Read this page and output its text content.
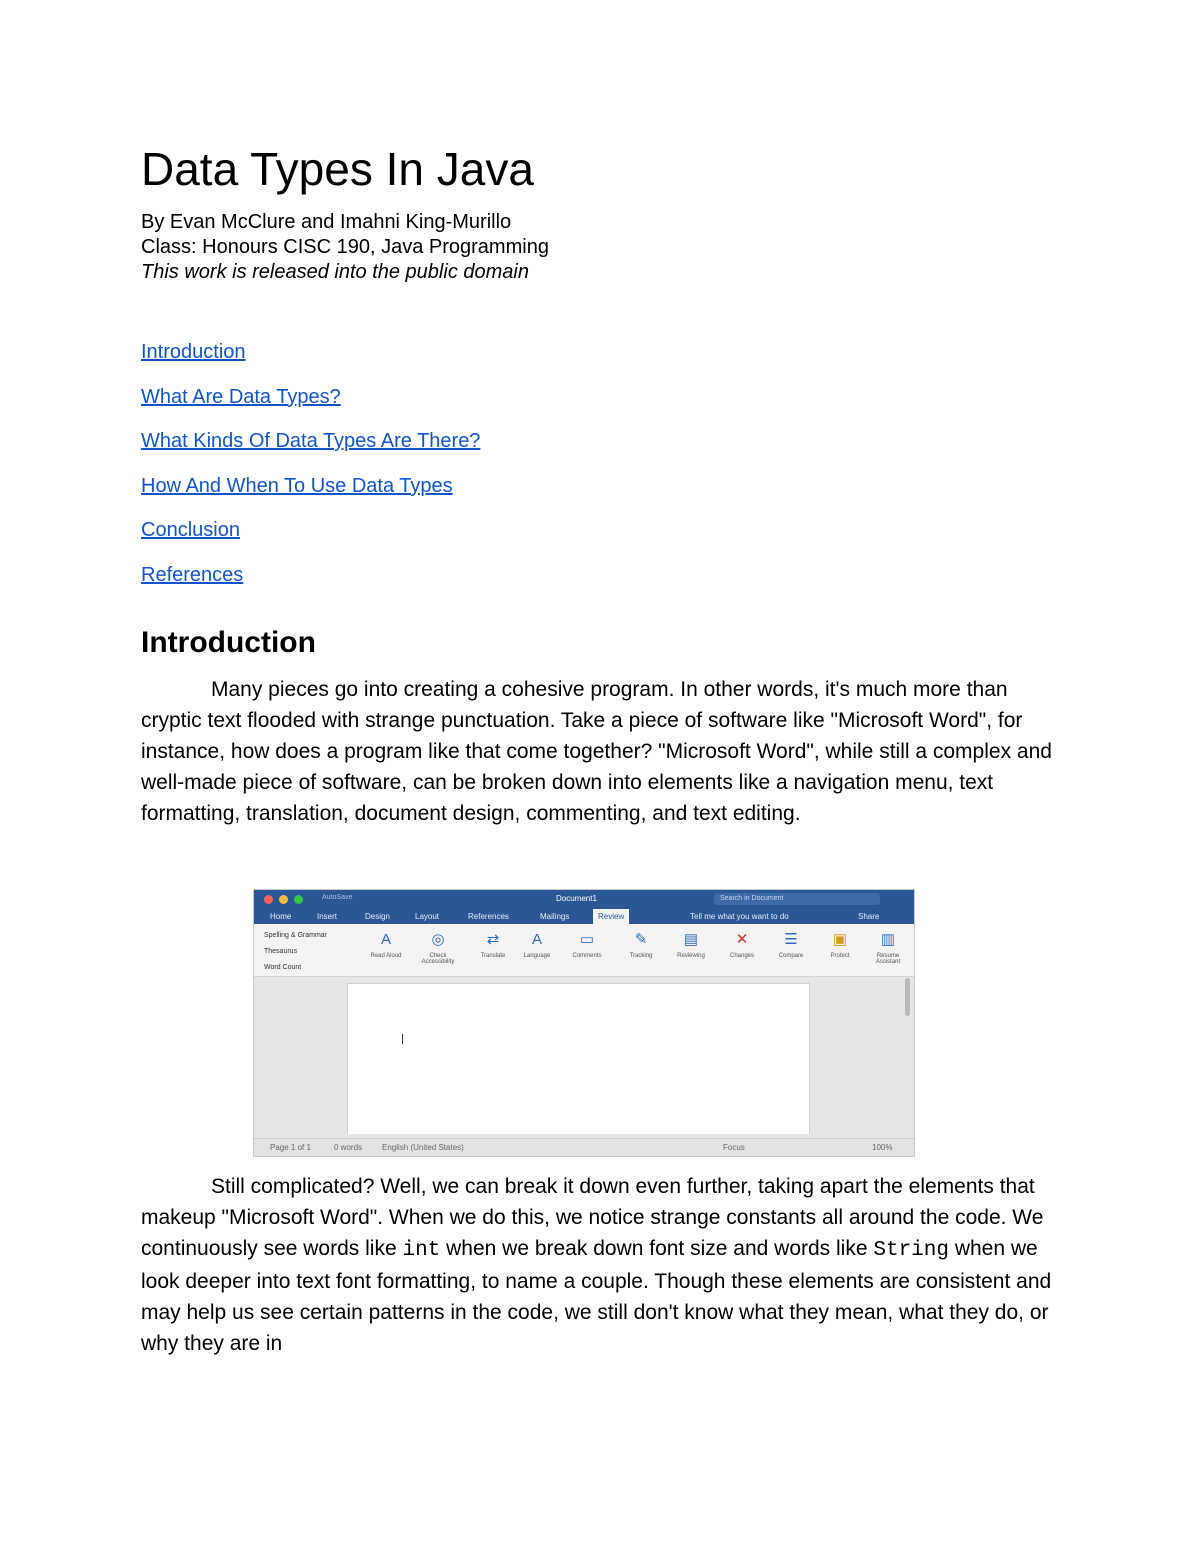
Data Types In Java
By Evan McClure and Imahni King-Murillo
Class: Honours CISC 190, Java Programming
This work is released into the public domain
Introduction
What Are Data Types?
What Kinds Of Data Types Are There?
How And When To Use Data Types
Conclusion
References
Introduction

Many pieces go into creating a cohesive program. In other words, it's much more than cryptic text flooded with strange punctuation. Take a piece of software like "Microsoft Word", for instance, how does a program like that come together? "Microsoft Word", while still a complex and well-made piece of software, can be broken down into elements like a navigation menu, text formatting, translation, document design, commenting, and text editing.

AutoSave	Document1	Search in Document
Home	Insert	Design	Layout	References	Mailings	Review	Tell me what you want to do	Share
Spelling & Grammar
Thesaurus
Word Count
A
Read Aloud
◎
Check Accessibility
⇄
Translate
A
Language
▭
Comments
✎
Tracking
▤
Reviewing
✕
Changes
☰
Compare
▣
Protect
▥
Resume Assistant
Page 1 of 1	0 words English (United States)	Focus	100%

Still complicated? Well, we can break it down even further, taking apart the elements that makeup "Microsoft Word". When we do this, we notice strange constants all around the code. We continuously see words like int when we break down font size and words like String when we look deeper into text font formatting, to name a couple. Though these elements are consistent and may help us see certain patterns in the code, we still don't know what they mean, what they do, or why they are in
